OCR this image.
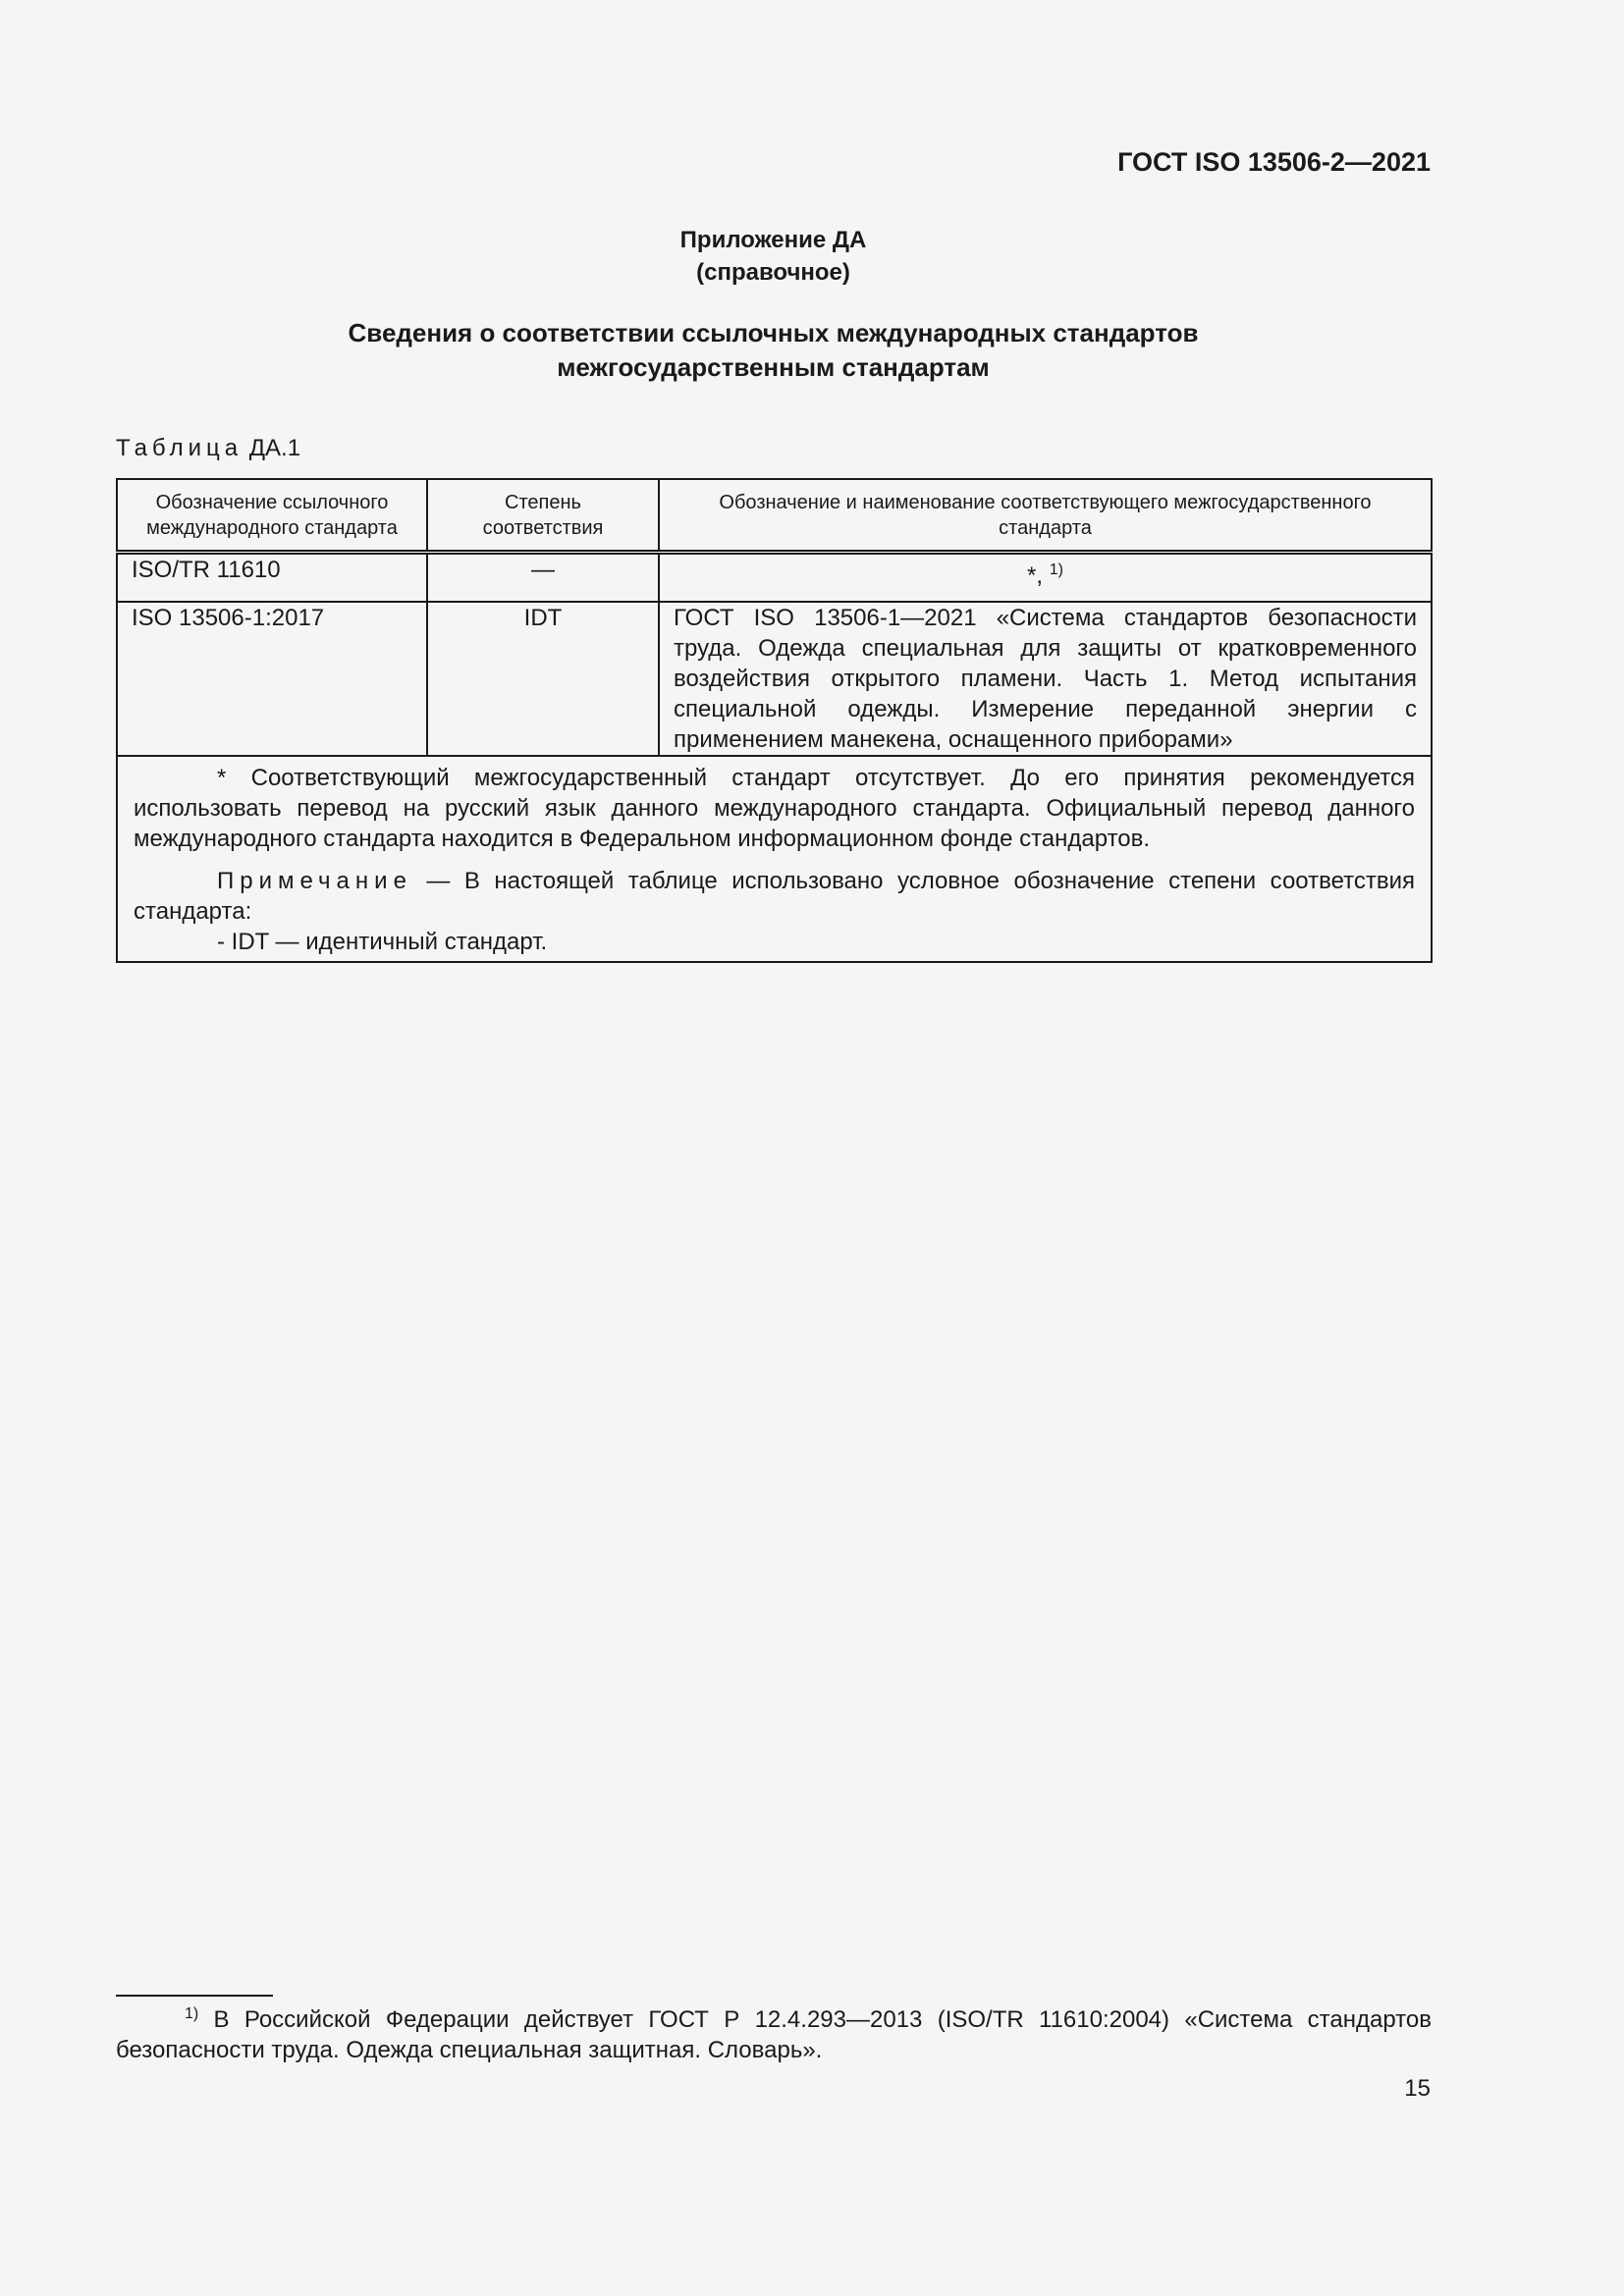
ГОСТ ISO 13506-2—2021

Приложение ДА
(справочное)
Сведения о соответствии ссылочных международных стандартов
межгосударственным стандартам
Таблица ДА.1
Обозначение ссылочного международного стандарта	Степень соответствия	Обозначение и наименование соответствующего межгосударственного стандарта
ISO/TR 11610	—	*, $^{1)}$
ISO 13506-1:2017	IDT	ГОСТ ISO 13506-1—2021 «Система стандартов безопасности труда. Одежда специальная для защиты от кратковременного воздействия открытого пламени. Часть 1. Метод испытания специальной одежды. Измерение переданной энергии с применением манекена, оснащенного приборами»

* Соответствующий межгосударственный стандарт отсутствует. До его принятия рекомендуется использовать перевод на русский язык данного международного стандарта. Официальный перевод данного международного стандарта находится в Федеральном информационном фонде стандартов.

Примечание — В настоящей таблице использовано условное обозначение степени соответствия стандарта:

- IDT — идентичный стандарт.		

$^{1)}$ В Российской Федерации действует ГОСТ Р 12.4.293—2013 (ISO/TR 11610:2004) «Система стандартов безопасности труда. Одежда специальная защитная. Словарь».

15
